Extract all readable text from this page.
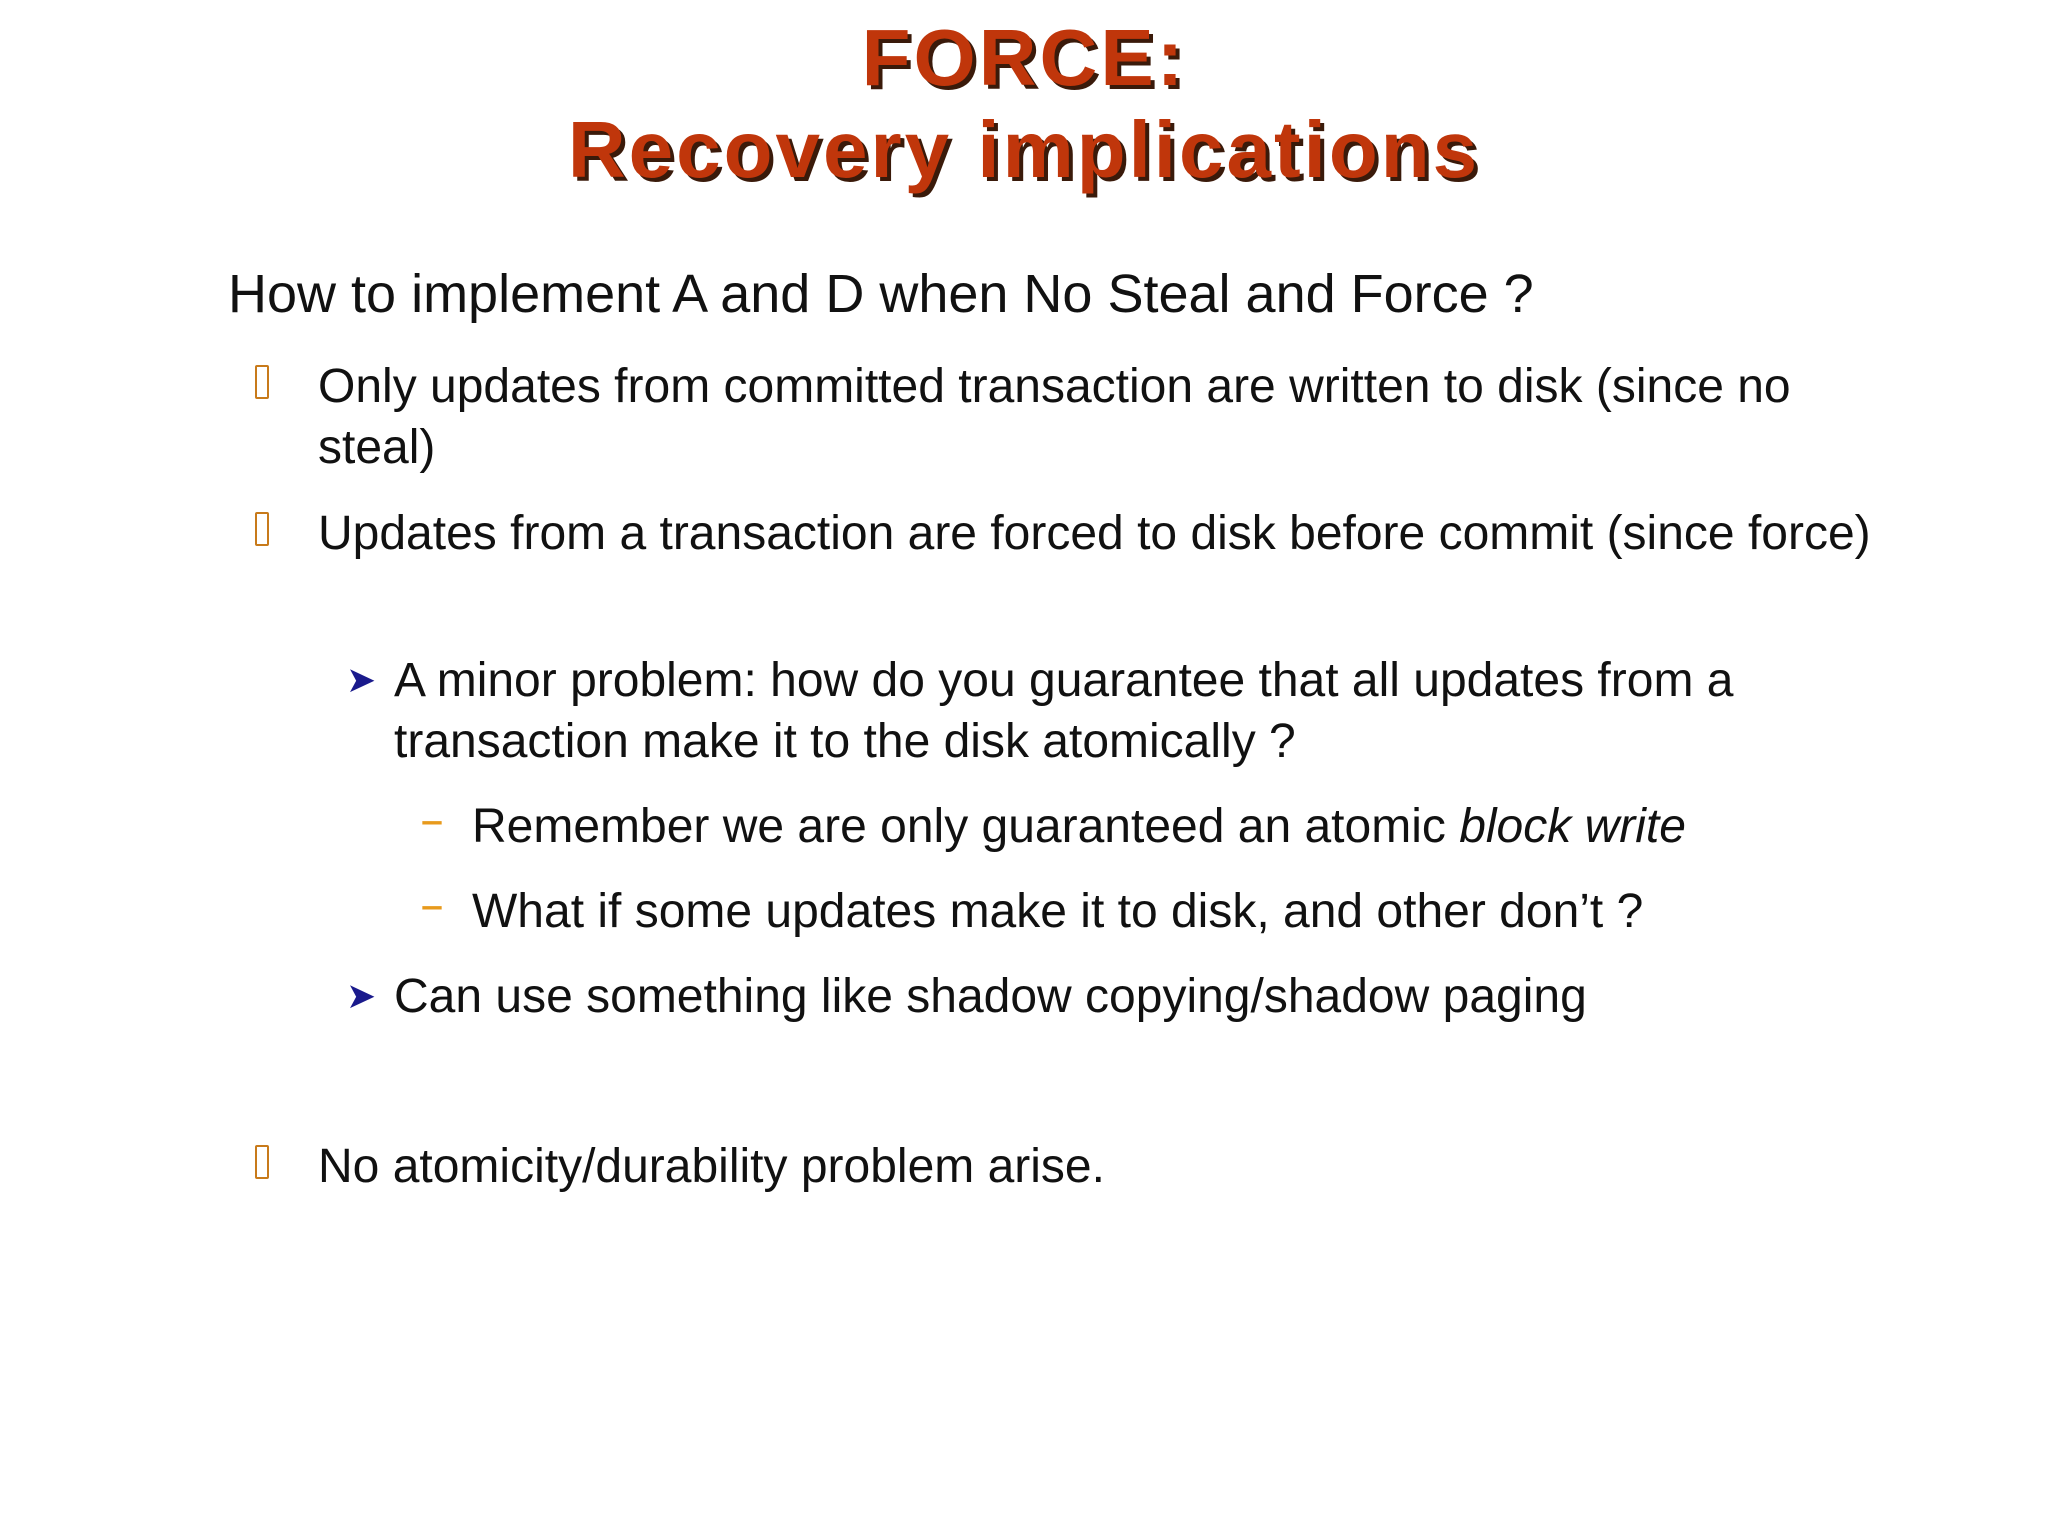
FORCE:
Recovery implications
How to implement A and D when No Steal and Force ?
Only updates from committed transaction are written to disk (since no steal)
Updates from a transaction are forced to disk before commit (since force)
➤ A minor problem: how do you guarantee that all updates from a transaction make it to the disk atomically ?
– Remember we are only guaranteed an atomic block write
– What if some updates make it to disk, and other don’t ?
➤ Can use something like shadow copying/shadow paging
No atomicity/durability problem arise.
